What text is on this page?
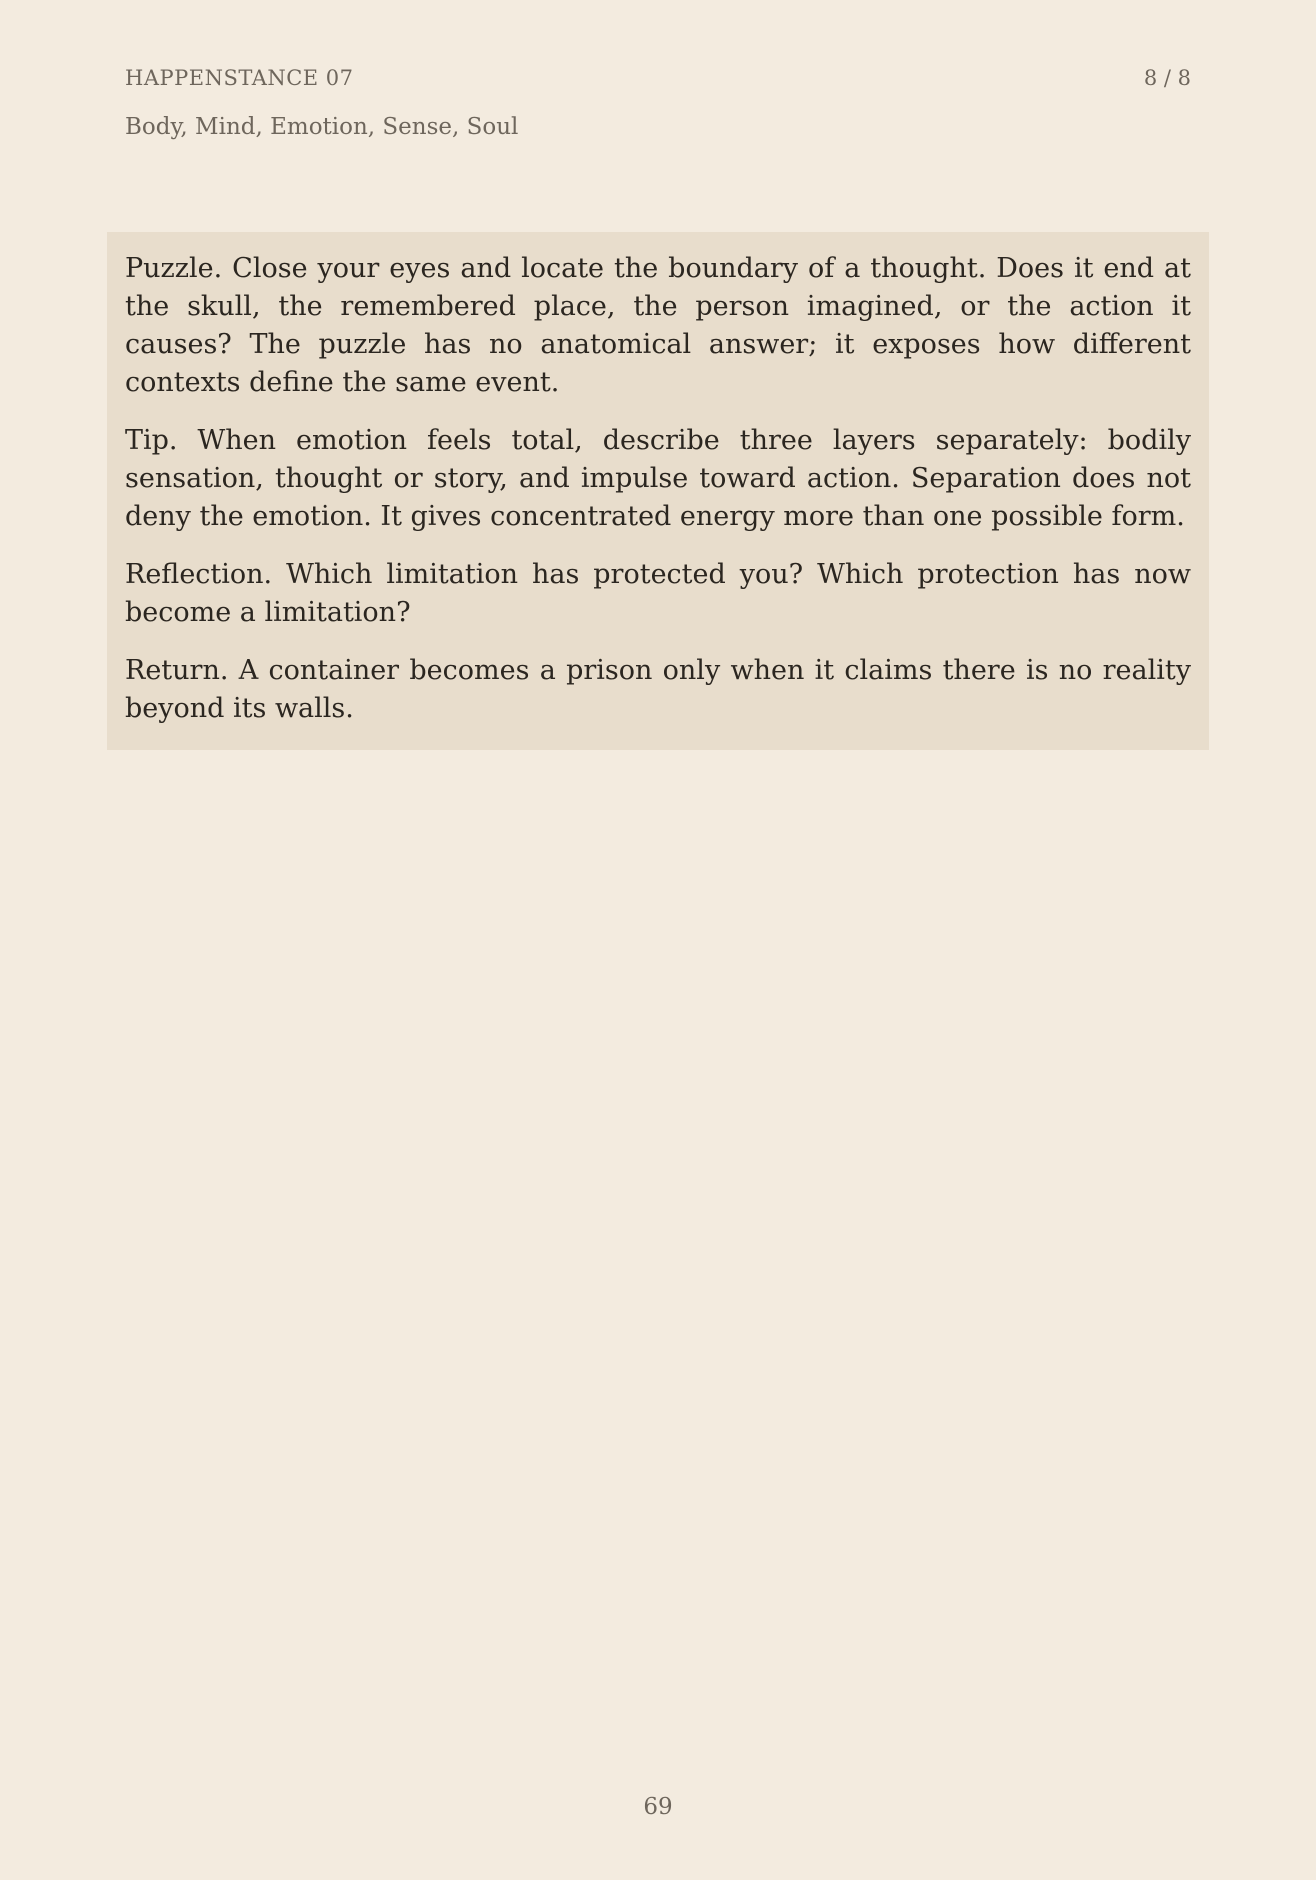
HAPPENSTANCE 07	8 / 8
Body, Mind, Emotion, Sense, Soul

Puzzle. Close your eyes and locate the boundary of a thought. Does it end at the skull, the remembered place, the person imagined, or the action it causes? The puzzle has no anatomical answer; it exposes how different contexts define the same event.

Tip. When emotion feels total, describe three layers separately: bodily sensation, thought or story, and impulse toward action. Separation does not deny the emotion. It gives concentrated energy more than one possible form.

Reflection. Which limitation has protected you? Which protection has now become a limitation?

Return. A container becomes a prison only when it claims there is no reality beyond its walls.

69
